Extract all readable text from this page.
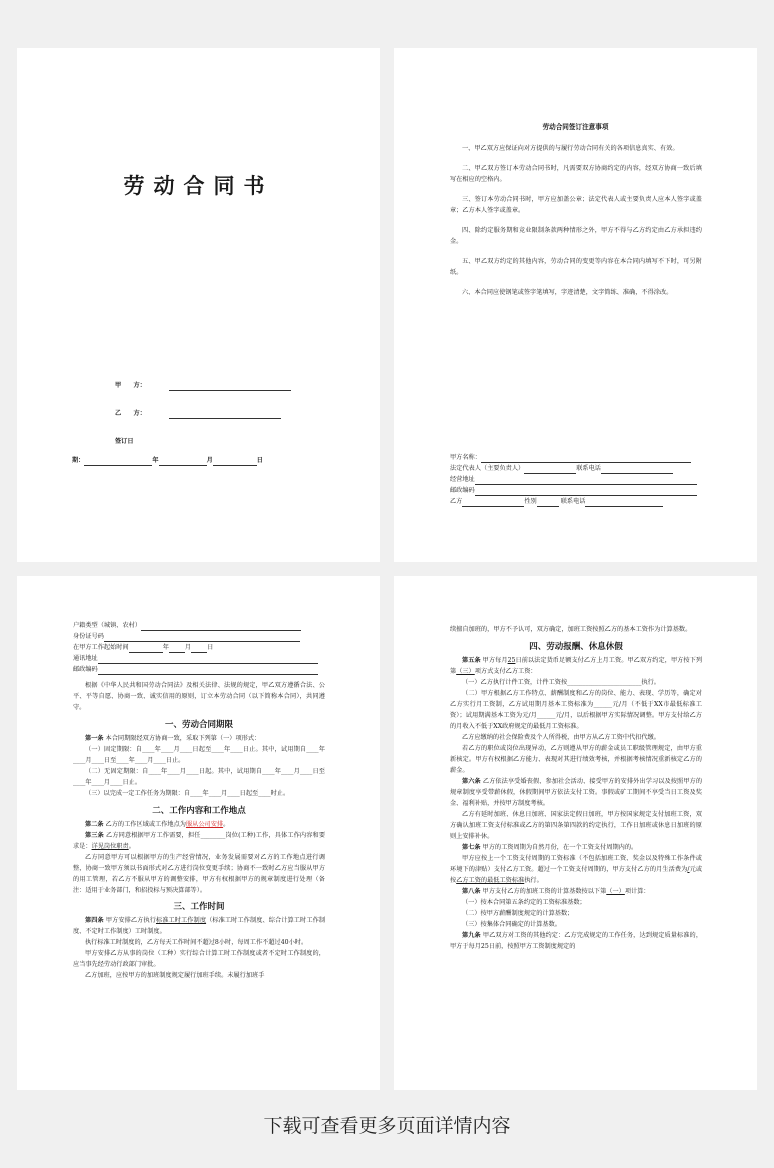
劳动合同书
甲　　方：
乙　　方：
签订日
期：	年	月	日
劳动合同签订注意事项
一、甲乙双方应保证向对方提供的与履行劳动合同有关的各项信息真实、有效。
二、甲乙双方签订本劳动合同书时，凡需要双方协商约定的内容，经双方协商一致后填写在相应的空格内。
三、签订本劳动合同书时，甲方应加盖公章；法定代表人或主要负责人应本人签字或盖章；乙方本人签字或盖章。
四、除约定服务期和竞业限制条款两种情形之外，甲方不得与乙方约定由乙方承担违约金。
五、甲乙双方约定的其他内容，劳动合同的变更等内容在本合同内填写不下时，可另附纸。
六、本合同应使钢笔或签字笔填写，字迹清楚，文字简练、准确，不得涂改。
甲方名称：
法定代表人（主要负责人）	联系电话
经营地址
邮政编码
乙方	性别	联系电话
户籍类型（城镇、农村）
身份证号码
在甲方工作起始时间	年	月	日
通讯地址
邮政编码
根据《中华人民共和国劳动合同法》及相关法律、法规的规定，甲乙双方遵循合法、公平、平等自愿、协商一致、诚实信用的原则，订立本劳动合同（以下简称本合同），共同遵守。
一、劳动合同期限
第一条 本合同期限经双方协商一致，采取下列第（一）项形式：
（一）固定期限：自____年____月____日起至____年____日止。其中，试用期自____年____月____日至____年____月____日止。
（二）无固定期限：自____年____月____日起。其中，试用期自____年____月____日至____年____月____日止。
（三）以完成一定工作任务为期限：自____年____月____日起至____时止。
二、工作内容和工作地点
第二条 乙方的工作区域或工作地点为服从公司安排。
第三条 乙方同意根据甲方工作需要，担任________岗位(工种)工作，具体工作内容和要求是：详见岗位职责。
乙方同意甲方可以根据甲方的生产经营情况，业务发展需要对乙方的工作地点进行调整，协商一致甲方须以书面形式对乙方进行岗位变更手续；协商不一致时乙方应当服从甲方的用工管理，若乙方不服从甲方的调整安排，甲方有权根据甲方的规章制度进行处理（备注：适用于业务部门，和招投标与预决算部等）。
三、工作时间
第四条 甲方安排乙方执行标准工时工作制度（标准工时工作制度、综合计算工时工作制度、不定时工作制度）工时制度。
执行标准工时制度的，乙方每天工作时间不超过8小时，每周工作不超过40小时。
甲方安排乙方从事的岗位（工种）实行综合计算工时工作制度或者不定时工作制度的，应当事先经劳动行政部门审批。
乙方加班，应按甲方的加班制度规定履行加班手续。未履行加班手
续擅自加班的，甲方不予认可，双方确定，加班工资按照乙方的基本工资作为计算基数。
四、劳动报酬、休息休假
第五条 甲方每月25日前以法定货币足额支付乙方上月工资。甲乙双方约定，甲方按下列第（三）项方式支付乙方工资：
（一）乙方执行计件工资，计件工资按________________________执行。
（二）甲方根据乙方工作特点、薪酬制度和乙方的岗位、能力、表现、学历等，确定对乙方实行月工资制，乙方试用期月基本工资标准为______元/月（不低于XX市最低标准工资）；试用期满基本工资为元/月______元/月，以后根据甲方实际情况调整。甲方支付给乙方的月收入不低于XX政府规定的最低月工资标准。
乙方应缴纳的社会保险费及个人所得税，由甲方从乙方工资中代扣代缴。
若乙方的职位或岗位出现异动，乙方则遵从甲方的薪金或员工职级管理规定，由甲方重新核定。甲方有权根据乙方能力、表现对其进行绩效考核，并根据考核情况重新核定乙方的薪金。
第六条 乙方依法享受婚丧假、参加社会活动、接受甲方的安排外出学习以及按照甲方的规章制度享受带薪休假，休假期间甲方依法支付工资。事假或矿工期间不享受当日工资及奖金、福利补贴，并按甲方制度考核。
乙方有延时加班、休息日加班、国家法定假日加班，甲方按国家规定支付加班工资，双方确认加班工资支付标准或乙方的第四条第四款的约定执行，工作日加班或休息日加班的原则上安排补休。
第七条 甲方的工资周期为自然月份，在一个工资支付周期内的。
甲方应按上一个工资支付周期的工资标准（不包括加班工资、奖金以及特殊工作条件或环境下的津贴）支付乙方工资。超过一个工资支付周期的，甲方支付乙方的月生活费为/元或按乙方工资的最低工资标准执行。
第八条 甲方支付乙方的加班工资的计算基数按以下第（一）项计算：
（一）按本合同第五条约定的工资标准基数；
（二）按甲方薪酬制度规定的计算基数；
（三）按集体合同确定的计算基数。
第九条 甲乙双方对工资的其他约定：乙方完成规定的工作任务，达到规定质量标准的，甲方于每月25日前，按照甲方工资制度规定的
下载可查看更多页面详情内容
